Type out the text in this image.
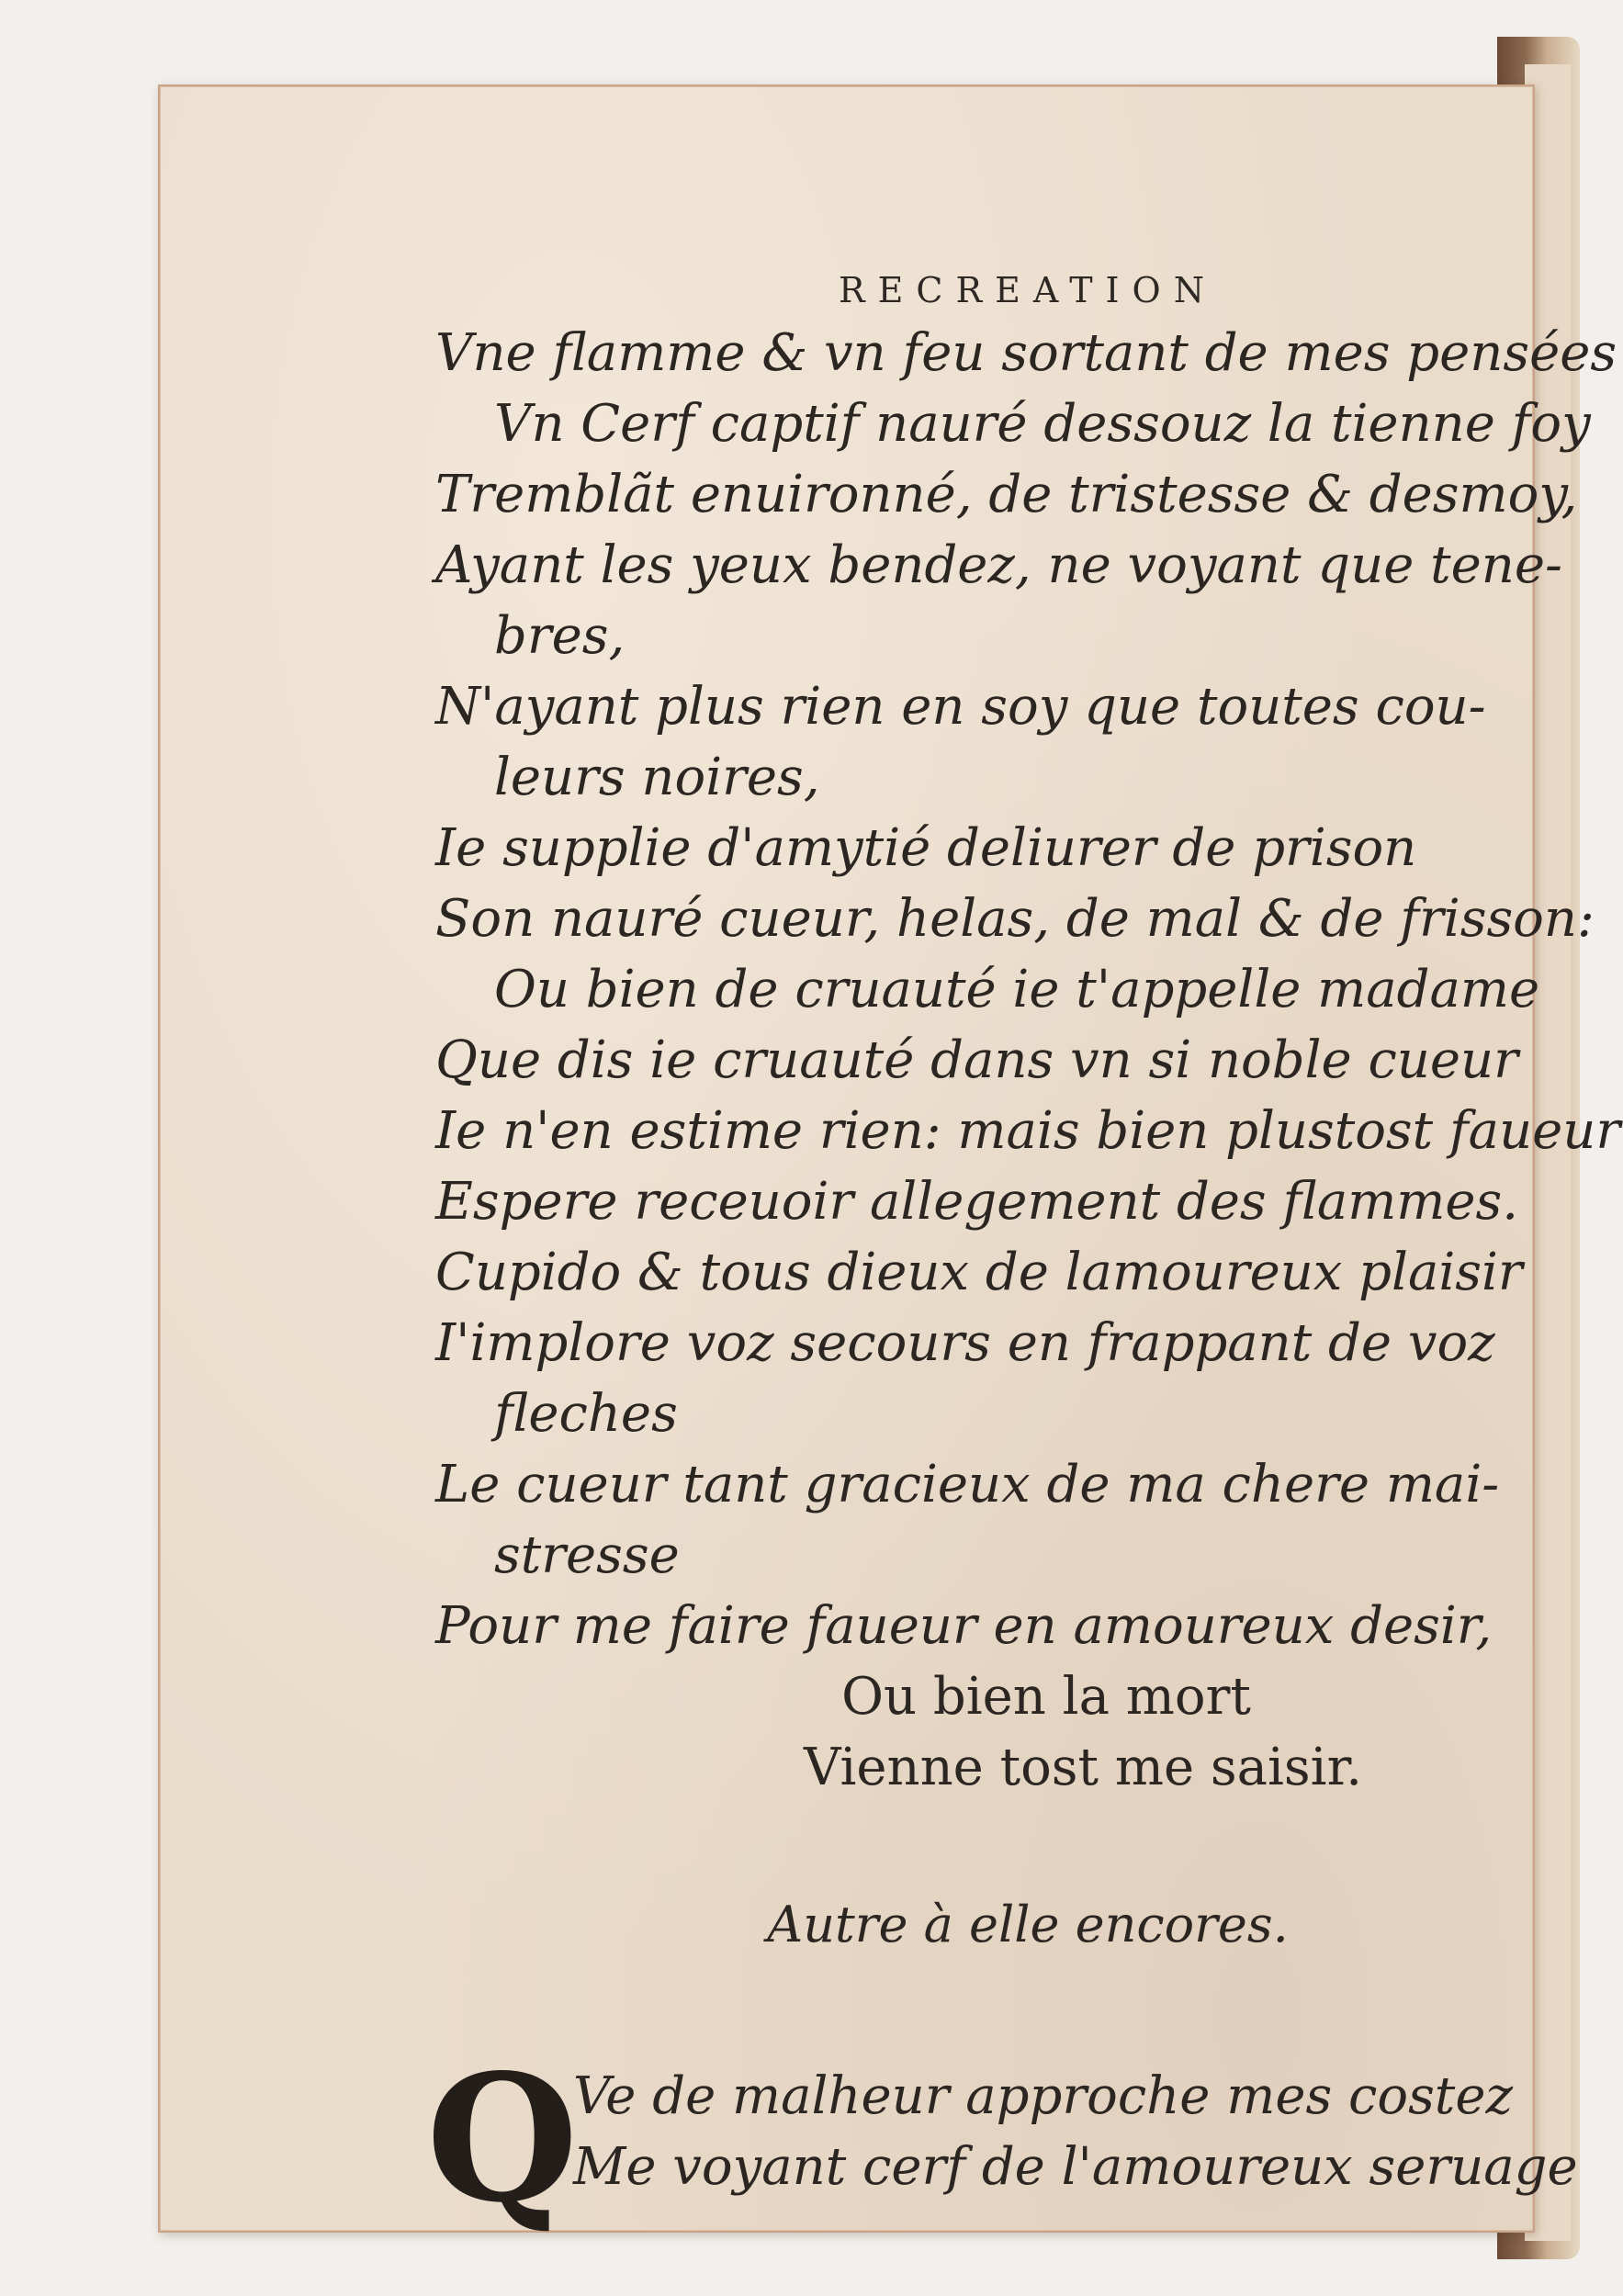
RECREATION
Vne flamme & vn feu sortant de mes pensées
Vn Cerf captif nauré dessouz la tienne foy
Tremblãt enuironné, de tristesse & desmoy,
Ayant les yeux bendez, ne voyant que tene-
bres,
N'ayant plus rien en soy que toutes cou-
leurs noires,
Ie supplie d'amytié deliurer de prison
Son nauré cueur, helas, de mal & de frisson:
Ou bien de cruauté ie t'appelle madame
Que dis ie cruauté dans vn si noble cueur
Ie n'en estime rien: mais bien plustost faueur
Espere receuoir allegement des flammes.
Cupido & tous dieux de lamoureux plaisir
I'implore voz secours en frappant de voz
fleches
Le cueur tant gracieux de ma chere mai-
stresse
Pour me faire faueur en amoureux desir,
Ou bien la mort
Vienne tost me saisir.
Autre à elle encores.
Q
Ve de malheur approche mes costez
Me voyant cerf de l'amoureux seruage
